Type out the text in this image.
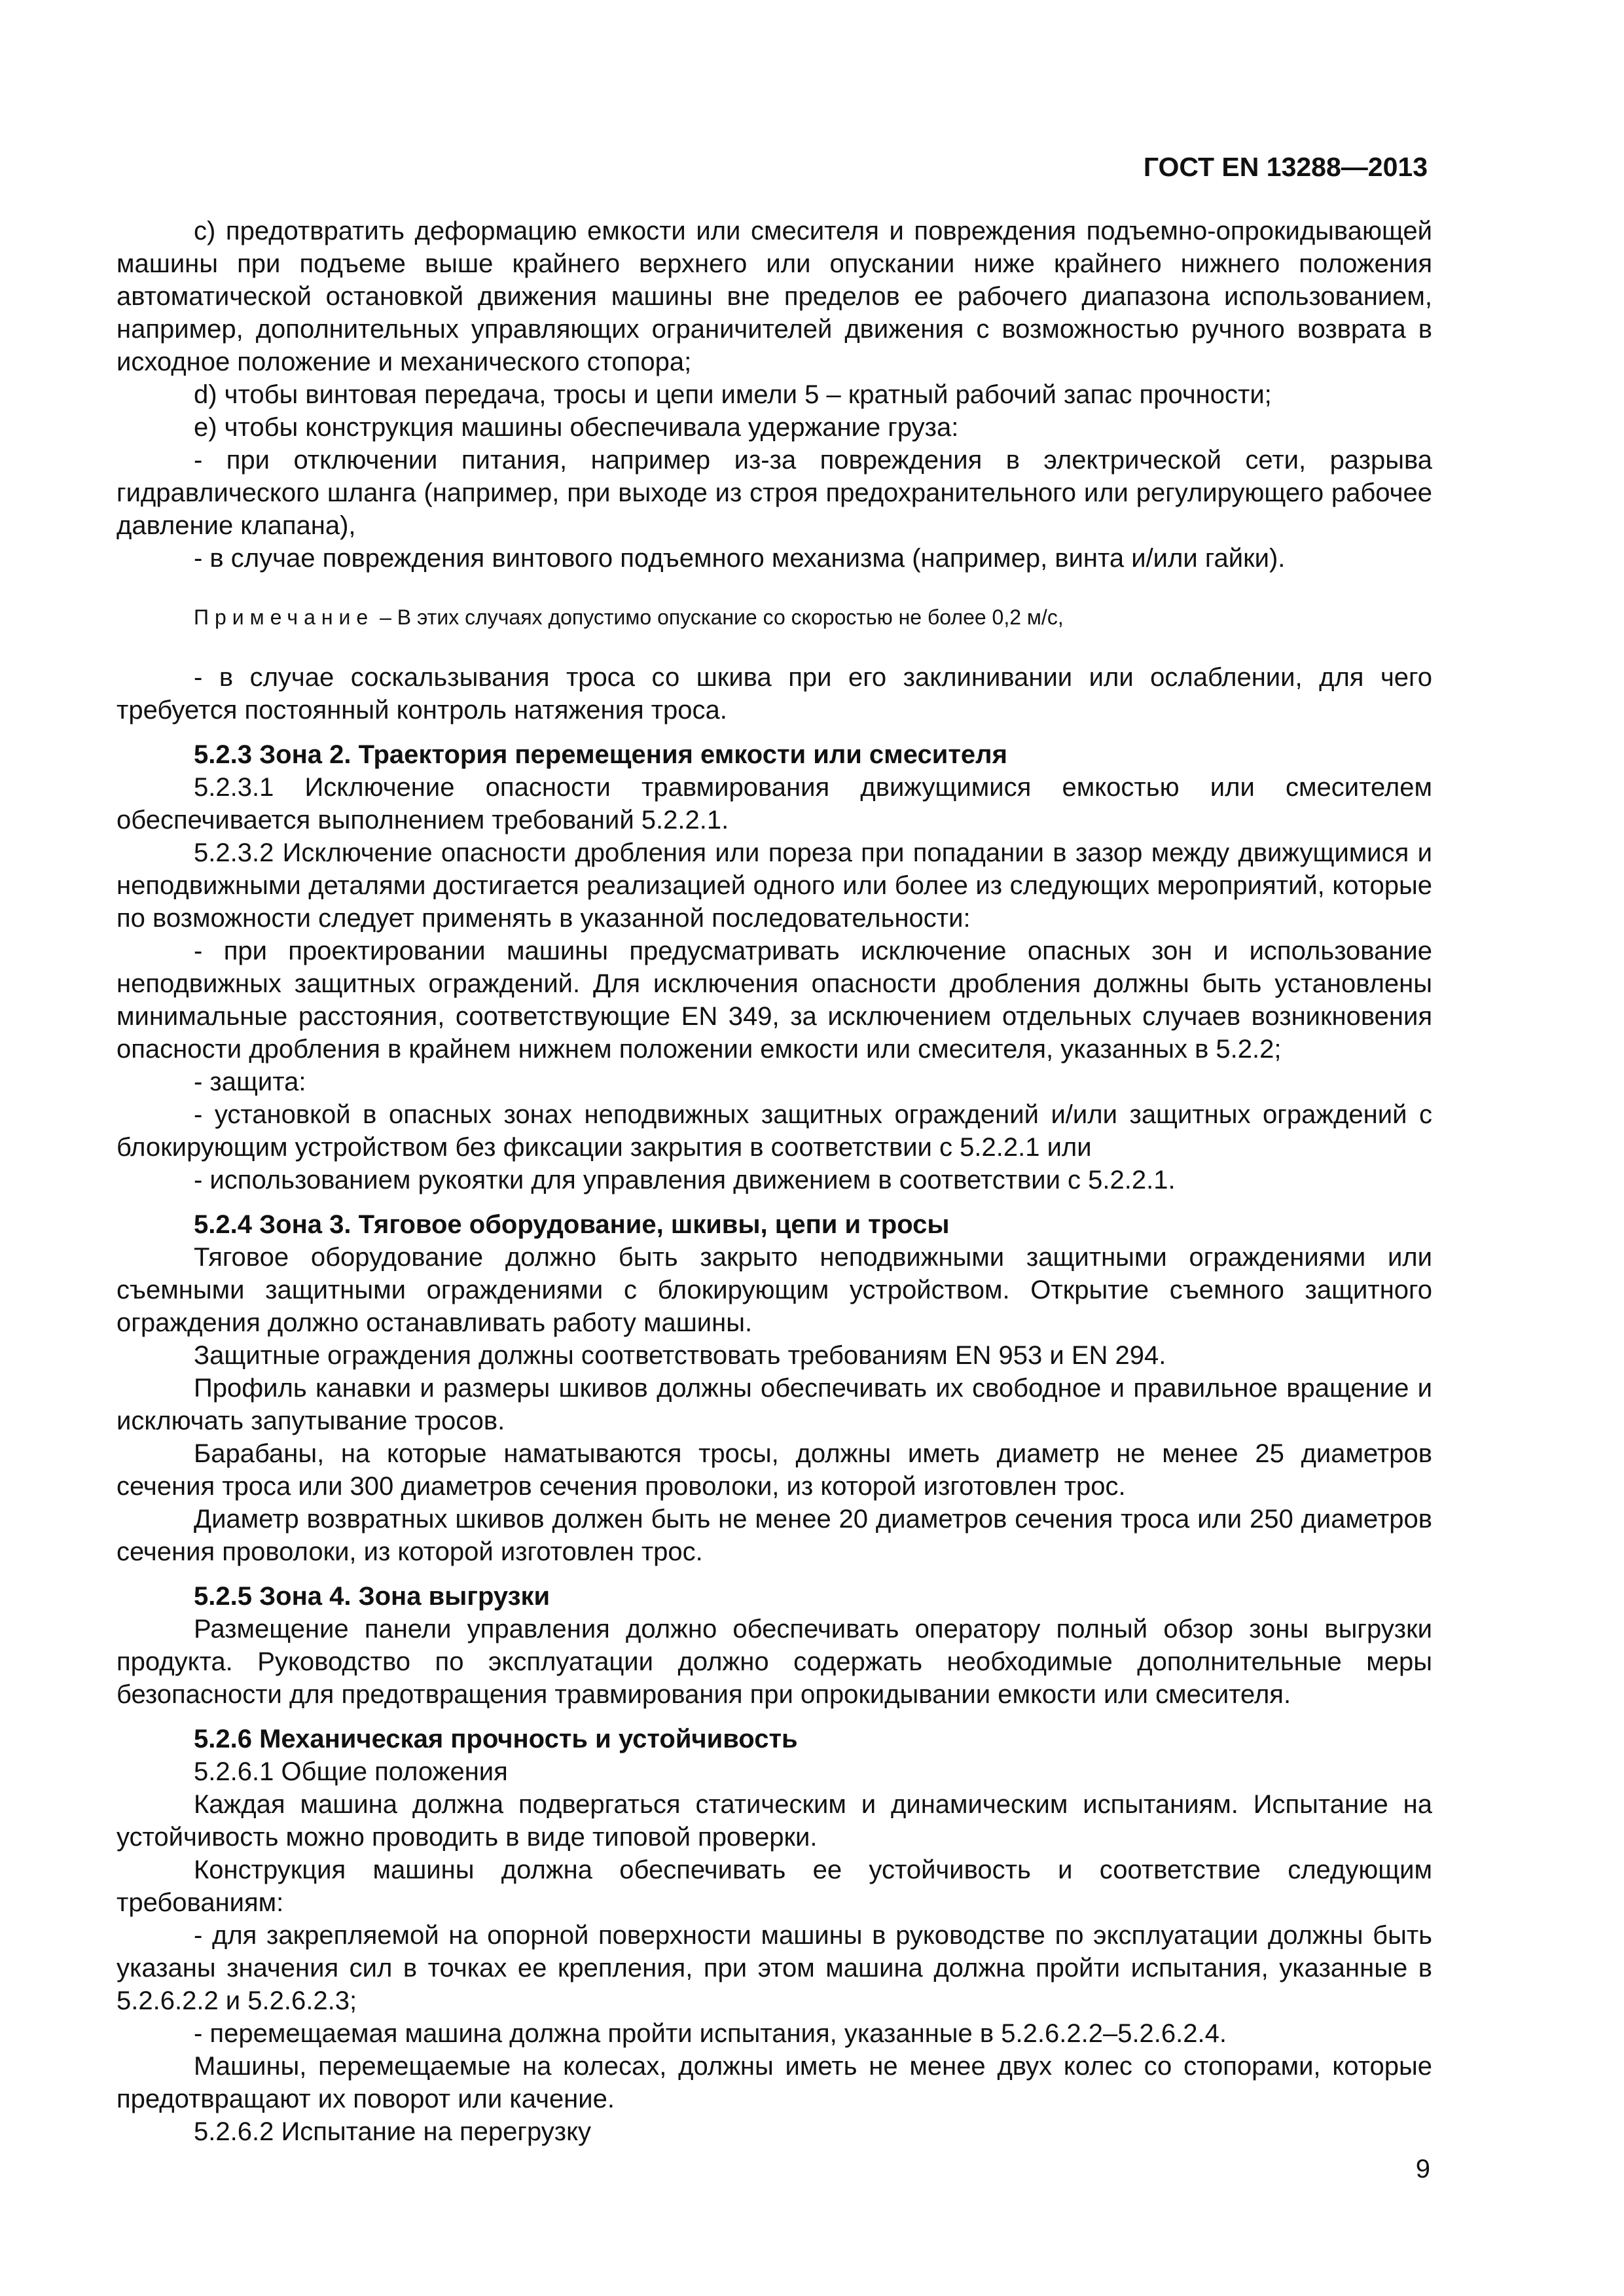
ГОСТ EN 13288—2013

c) предотвратить деформацию емкости или смесителя и повреждения подъемно-опрокидывающей машины при подъеме выше крайнего верхнего или опускании ниже крайнего нижнего положения автоматической остановкой движения машины вне пределов ее рабочего диапазона использованием, например, дополнительных управляющих ограничителей движения с возможностью ручного возврата в исходное положение и механического стопора;

d) чтобы винтовая передача, тросы и цепи имели 5 – кратный рабочий запас прочности;

e) чтобы конструкция машины обеспечивала удержание груза:

- при отключении питания, например из-за повреждения в электрической сети, разрыва гидравлического шланга (например, при выходе из строя предохранительного или регулирующего рабочее давление клапана),

- в случае повреждения винтового подъемного механизма (например, винта и/или гайки).

Примечание – В этих случаях допустимо опускание со скоростью не более 0,2 м/с,

- в случае соскальзывания троса со шкива при его заклинивании или ослаблении, для чего требуется постоянный контроль натяжения троса.

5.2.3 Зона 2. Траектория перемещения емкости или смесителя

5.2.3.1 Исключение опасности травмирования движущимися емкостью или смесителем обеспечивается выполнением требований 5.2.2.1.

5.2.3.2 Исключение опасности дробления или пореза при попадании в зазор между движущимися и неподвижными деталями достигается реализацией одного или более из следующих мероприятий, которые по возможности следует применять в указанной последовательности:

- при проектировании машины предусматривать исключение опасных зон и использование неподвижных защитных ограждений. Для исключения опасности дробления должны быть установлены минимальные расстояния, соответствующие EN 349, за исключением отдельных случаев возникновения опасности дробления в крайнем нижнем положении емкости или смесителя, указанных в 5.2.2;

- защита:

- установкой в опасных зонах неподвижных защитных ограждений и/или защитных ограждений с блокирующим устройством без фиксации закрытия в соответствии с 5.2.2.1 или

- использованием рукоятки для управления движением в соответствии с 5.2.2.1.

5.2.4 Зона 3. Тяговое оборудование, шкивы, цепи и тросы

Тяговое оборудование должно быть закрыто неподвижными защитными ограждениями или съемными защитными ограждениями с блокирующим устройством. Открытие съемного защитного ограждения должно останавливать работу машины.

Защитные ограждения должны соответствовать требованиям EN 953 и EN 294.

Профиль канавки и размеры шкивов должны обеспечивать их свободное и правильное вращение и исключать запутывание тросов.

Барабаны, на которые наматываются тросы, должны иметь диаметр не менее 25 диаметров сечения троса или 300 диаметров сечения проволоки, из которой изготовлен трос.

Диаметр возвратных шкивов должен быть не менее 20 диаметров сечения троса или 250 диаметров сечения проволоки, из которой изготовлен трос.

5.2.5 Зона 4. Зона выгрузки

Размещение панели управления должно обеспечивать оператору полный обзор зоны выгрузки продукта. Руководство по эксплуатации должно содержать необходимые дополнительные меры безопасности для предотвращения травмирования при опрокидывании емкости или смесителя.

5.2.6 Механическая прочность и устойчивость

5.2.6.1 Общие положения

Каждая машина должна подвергаться статическим и динамическим испытаниям. Испытание на устойчивость можно проводить в виде типовой проверки.

Конструкция машины должна обеспечивать ее устойчивость и соответствие следующим требованиям:

- для закрепляемой на опорной поверхности машины в руководстве по эксплуатации должны быть указаны значения сил в точках ее крепления, при этом машина должна пройти испытания, указанные в 5.2.6.2.2 и 5.2.6.2.3;

- перемещаемая машина должна пройти испытания, указанные в 5.2.6.2.2–5.2.6.2.4.

Машины, перемещаемые на колесах, должны иметь не менее двух колес со стопорами, которые предотвращают их поворот или качение.

5.2.6.2 Испытание на перегрузку

9
